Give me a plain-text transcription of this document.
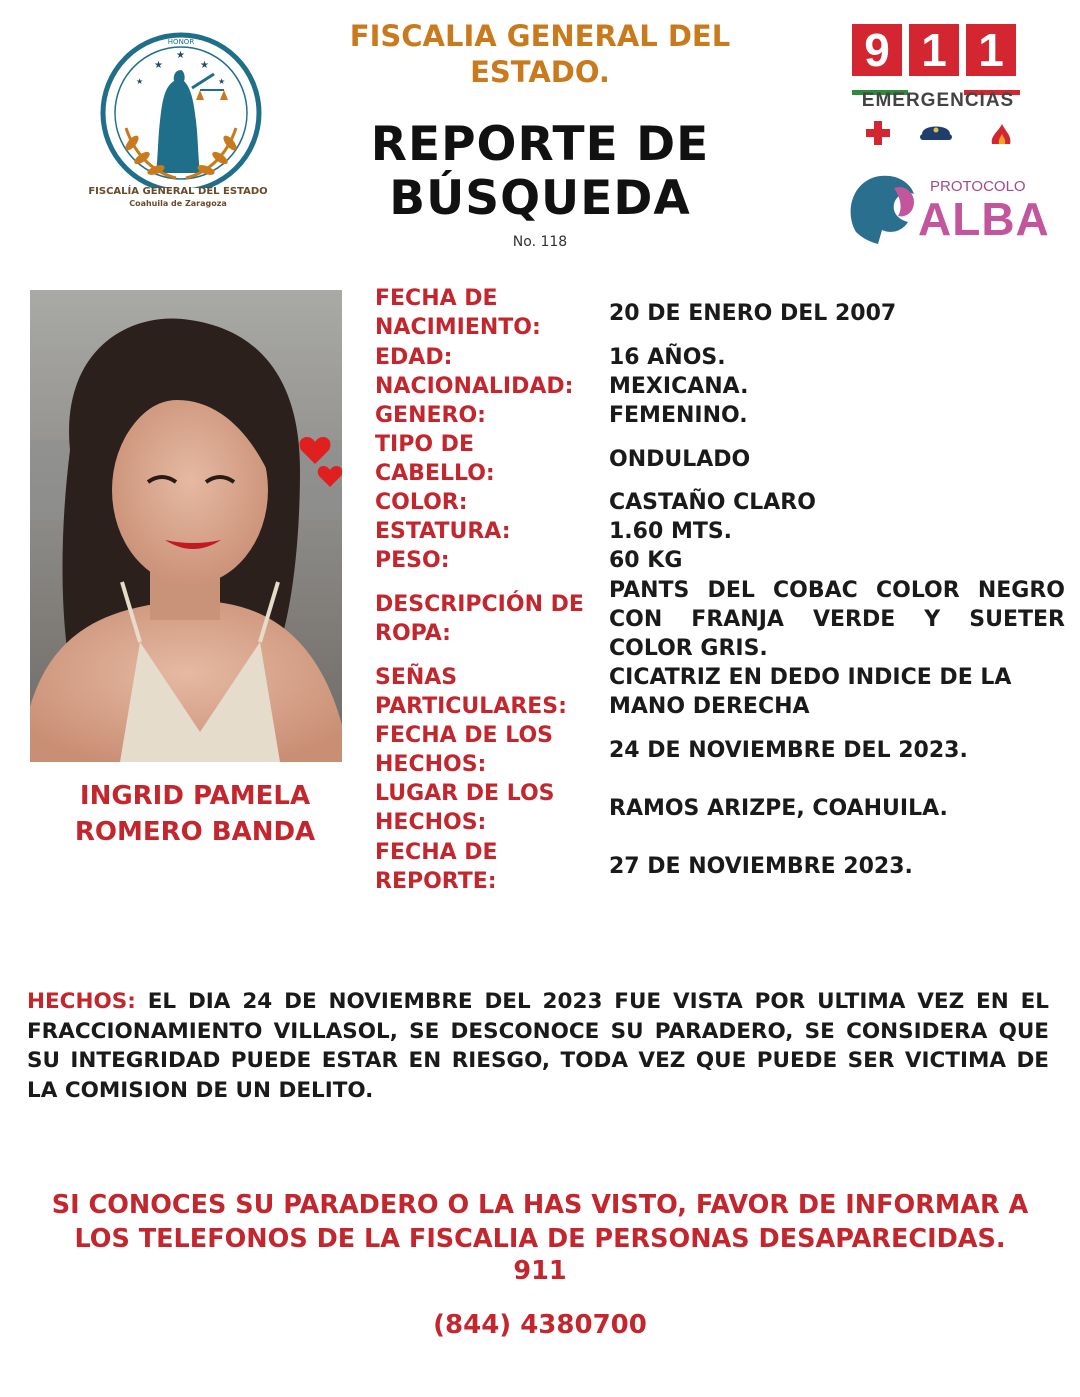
HONOR
★
★
★
★	★
FISCALÍA GENERAL DEL ESTADO
Coahuila de Zaragoza
FISCALIA GENERAL DEL ESTADO.
REPORTE DE BÚSQUEDA
No. 118
9 1 1
EMERGENCIAS
PROTOCOLO
ALBA
INGRID PAMELA
ROMERO BANDA
FECHA DE NACIMIENTO:
20 DE ENERO DEL 2007
EDAD:	16 AÑOS.
NACIONALIDAD:	MEXICANA.
GENERO:	FEMENINO.
TIPO DE CABELLO:
ONDULADO
COLOR:	CASTAÑO CLARO
ESTATURA:	1.60 MTS.
PESO:	60 KG
DESCRIPCIÓN DE ROPA:
PANTS DEL COBAC COLOR NEGRO CON FRANJA VERDE Y SUETER COLOR GRIS.
SEÑAS PARTICULARES:
CICATRIZ EN DEDO INDICE DE LA MANO DERECHA
FECHA DE LOS HECHOS:
24 DE NOVIEMBRE DEL 2023.
LUGAR DE LOS HECHOS:
RAMOS ARIZPE, COAHUILA.
FECHA DE REPORTE:
27 DE NOVIEMBRE 2023.
HECHOS: EL DIA 24 DE NOVIEMBRE DEL 2023 FUE VISTA POR ULTIMA VEZ EN EL FRACCIONAMIENTO VILLASOL, SE DESCONOCE SU PARADERO, SE CONSIDERA QUE SU INTEGRIDAD PUEDE ESTAR EN RIESGO, TODA VEZ QUE PUEDE SER VICTIMA DE LA COMISION DE UN DELITO.
SI CONOCES SU PARADERO O LA HAS VISTO, FAVOR DE INFORMAR A LOS TELEFONOS DE LA FISCALIA DE PERSONAS DESAPARECIDAS.
911
(844) 4380700
